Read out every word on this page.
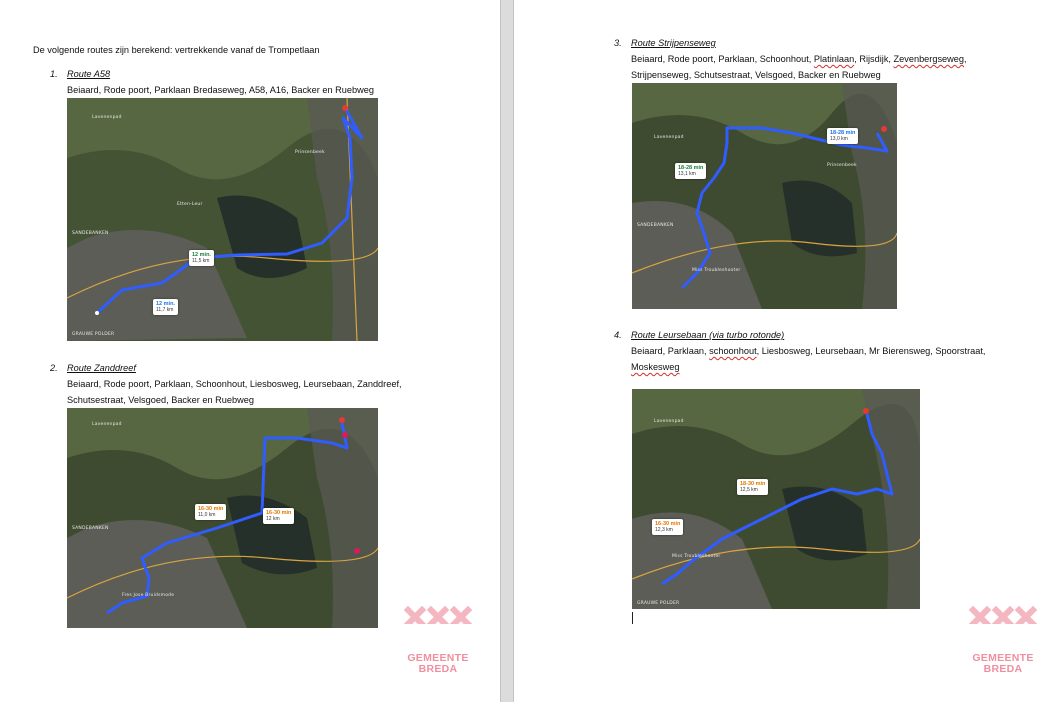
De volgende routes zijn berekend: vertrekkende vanaf de Trompetlaan
1. Route A58
Beiaard, Rode poort, Parklaan Bredaseweg, A58, A16, Backer en Ruebweg
Lavenenpad
Prinsenbeek
Etten-Leur
SANDEBANKEN
GRAUWE POLDER
12 min.
11,5 km
12 min.
11,7 km
2. Route Zanddreef
Beiaard, Rode poort, Parklaan, Schoonhout, Liesbosweg, Leursebaan, Zanddreef,
Schutsestraat, Velsgoed, Backer en Ruebweg
Lavenenpad
SANDEBANKEN
Fres Jose Bruidsmode
16-30 min
11,0 km	16-30 min
12 km
GEMEENTE
BREDA
3. Route Strijpenseweg
Beiaard, Rode poort, Parklaan, Schoonhout, Platinlaan, Rijsdijk, Zevenbergseweg,
Strijpenseweg, Schutsestraat, Velsgoed, Backer en Ruebweg
Lavenenpad
Prinsenbeek
SANDEBANKEN
Miss Troubleshooter
18-28 min
13,1 km
18-28 min
13,0 km
4. Route Leursebaan (via turbo rotonde)
Beiaard, Parklaan, schoonhout, Liesbosweg, Leursebaan, Mr Bierensweg, Spoorstraat,
Moskesweg
Lavenenpad
Miss Troubleshooter
GRAUWE POLDER
16-30 min
12,3 km
18-30 min
12,5 km
GEMEENTE
BREDA
